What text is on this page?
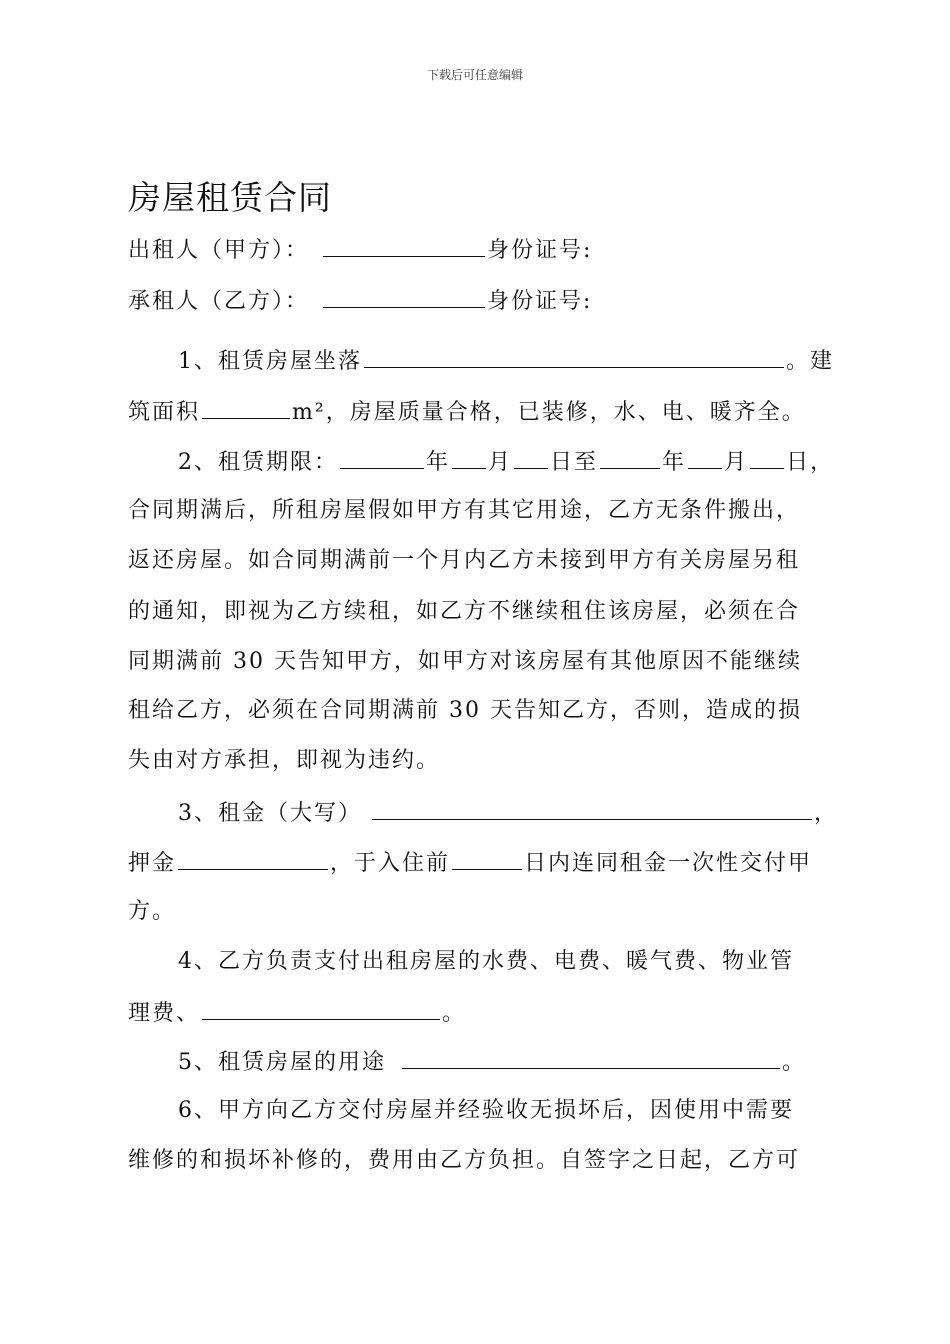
下载后可任意编辑
房屋租赁合同
出租人（甲方）：	身份证号:
承租人（乙方）：	身份证号:
1、租赁房屋坐落	。建
筑面积	m²，房屋质量合格，已装修，水、电、暖齐全。
2、租赁期限：	年 月 日至	年 月 日，
合同期满后，所租房屋假如甲方有其它用途，乙方无条件搬出，
返还房屋。如合同期满前一个月内乙方未接到甲方有关房屋另租
的通知，即视为乙方续租，如乙方不继续租住该房屋，必须在合
同期满前 30 天告知甲方，如甲方对该房屋有其他原因不能继续
租给乙方，必须在合同期满前 30 天告知乙方，否则，造成的损
失由对方承担，即视为违约。
3、租金（大写）	，
押金	，于入住前	日内连同租金一次性交付甲
方。
4、乙方负责支付出租房屋的水费、电费、暖气费、物业管
理费、	。
5、租赁房屋的用途	。
6、甲方向乙方交付房屋并经验收无损坏后，因使用中需要
维修的和损坏补修的，费用由乙方负担。自签字之日起，乙方可
